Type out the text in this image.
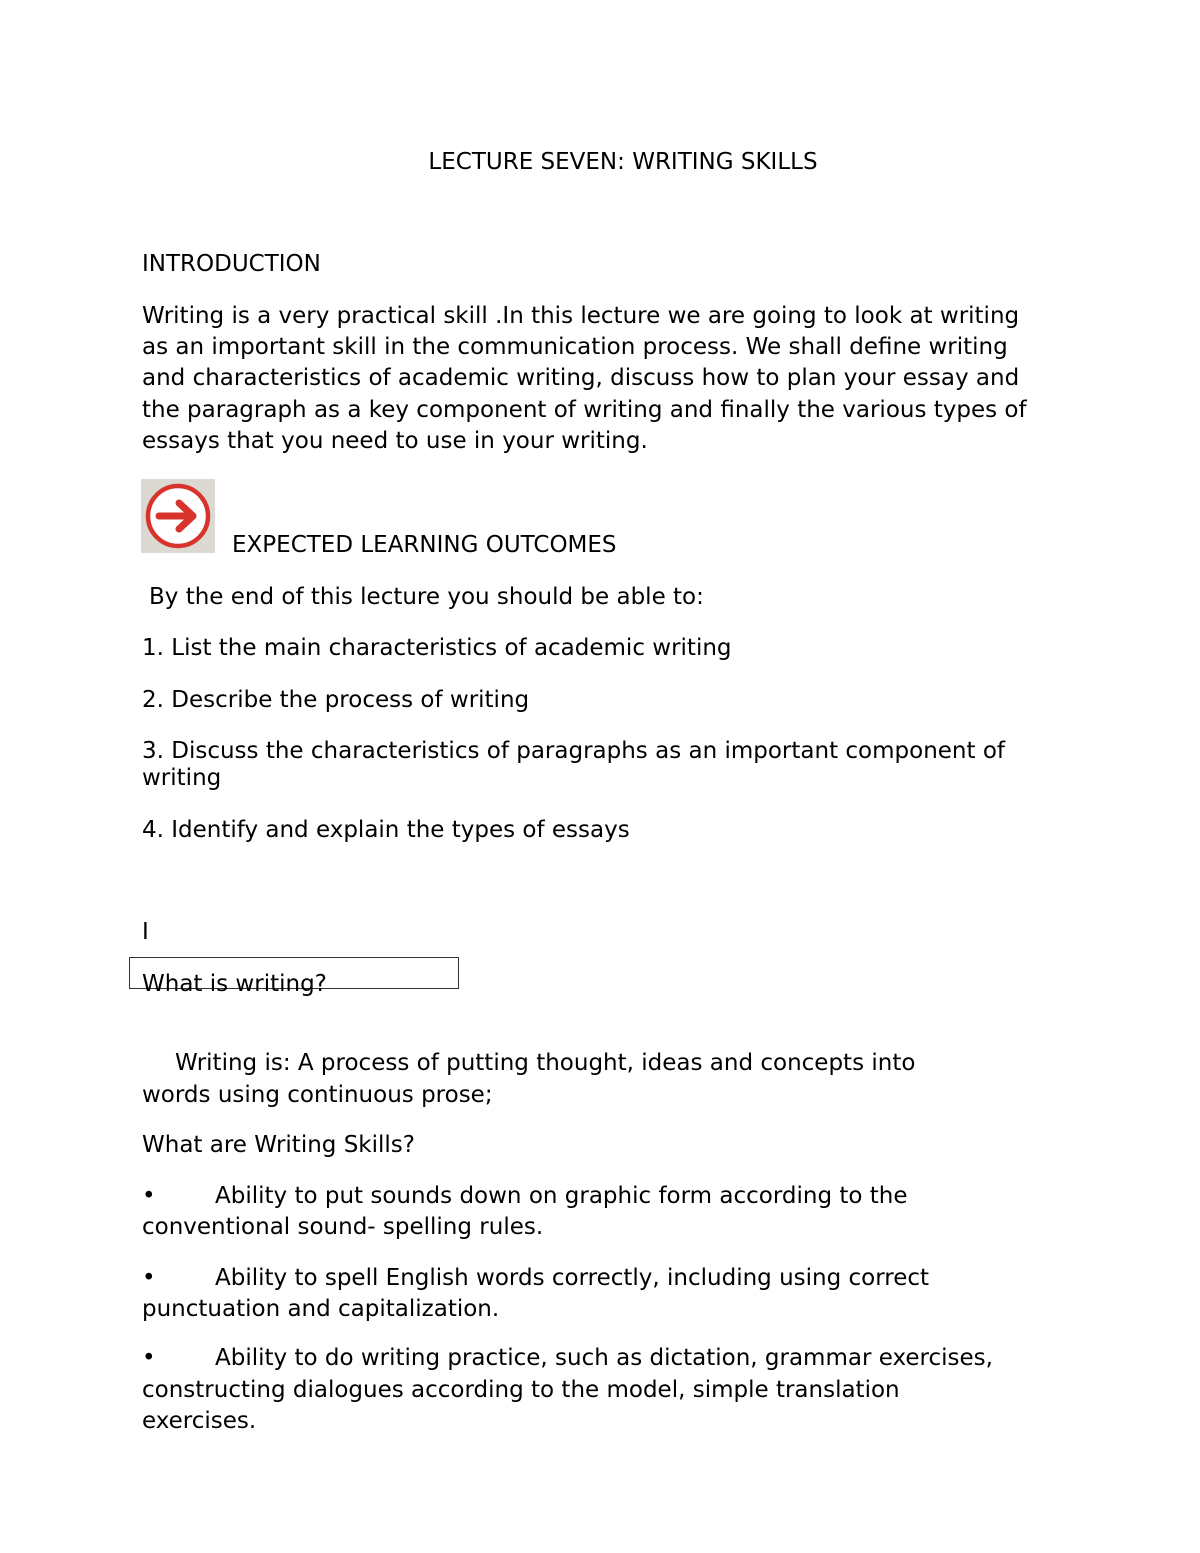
LECTURE SEVEN: WRITING SKILLS
INTRODUCTION
Writing is a very practical skill .In this lecture we are going to look at writing
as an important skill in the communication process. We shall define writing
and characteristics of academic writing, discuss how to plan your essay and
the paragraph as a key component of writing and finally the various types of
essays that you need to use in your writing.
EXPECTED LEARNING OUTCOMES
By the end of this lecture you should be able to:
1. List the main characteristics of academic writing
2. Describe the process of writing
3. Discuss the characteristics of paragraphs as an important component of
writing
4. Identify and explain the types of essays
I
What is writing?
Writing is: A process of putting thought, ideas and concepts into
words using continuous prose;
What are Writing Skills?
•	Ability to put sounds down on graphic form according to the
conventional sound- spelling rules.
•	Ability to spell English words correctly, including using correct
punctuation and capitalization.
•	Ability to do writing practice, such as dictation, grammar exercises,
constructing dialogues according to the model, simple translation
exercises.
